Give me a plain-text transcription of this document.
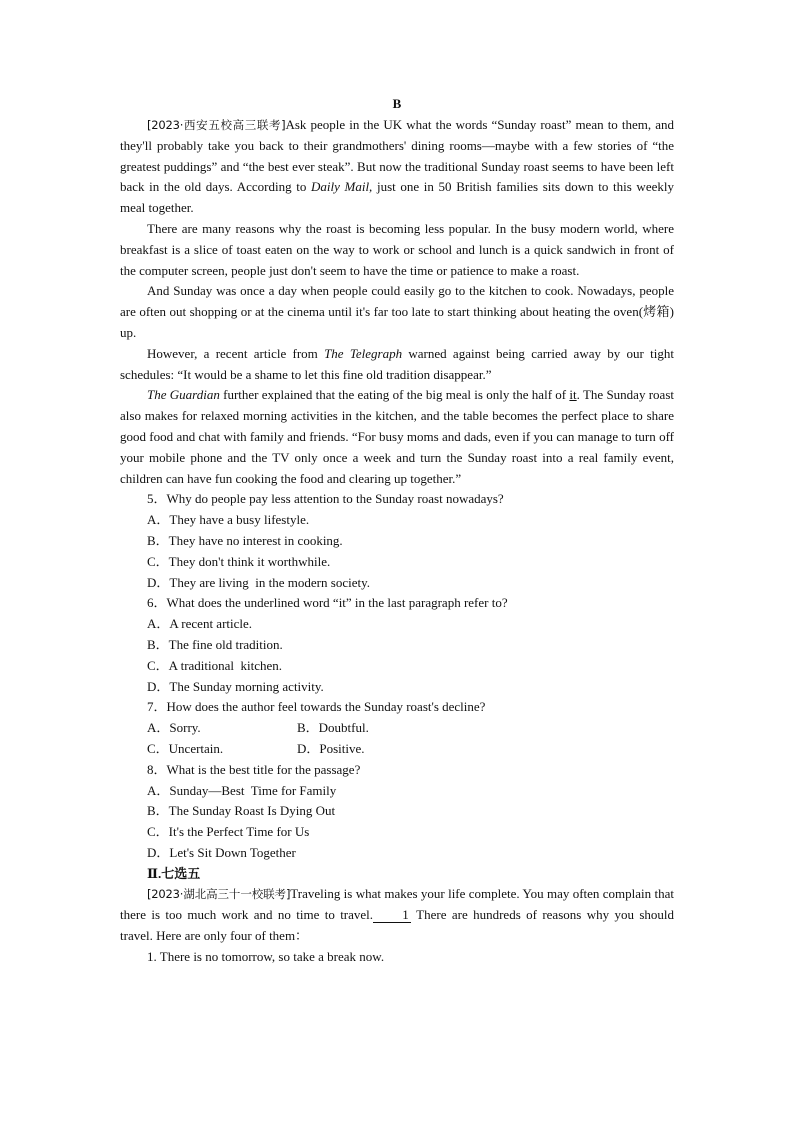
B

[2023·西安五校高三联考]Ask people in the UK what the words “Sunday roast” mean to them, and they'll probably take you back to their grandmothers' dining rooms—maybe with a few stories of “the greatest puddings” and “the best ever steak”. But now the traditional Sunday roast seems to have been left back in the old days. According to Daily Mail, just one in 50 British families sits down to this weekly meal together.

There are many reasons why the roast is becoming less popular. In the busy modern world, where breakfast is a slice of toast eaten on the way to work or school and lunch is a quick sandwich in front of the computer screen, people just don't seem to have the time or patience to make a roast.

And Sunday was once a day when people could easily go to the kitchen to cook. Nowadays, people are often out shopping or at the cinema until it's far too late to start thinking about heating the oven(烤箱) up.

However, a recent article from The Telegraph warned against being carried away by our tight schedules: “It would be a shame to let this fine old tradition disappear.”

The Guardian further explained that the eating of the big meal is only the half of it. The Sunday roast also makes for relaxed morning activities in the kitchen, and the table becomes the perfect place to share good food and chat with family and friends. “For busy moms and dads, even if you can manage to turn off your mobile phone and the TV only once a week and turn the Sunday roast into a real family event, children can have fun cooking the food and clearing up together.”

5．Why do people pay less attention to the Sunday roast nowadays?

A．They have a busy lifestyle.

B．They have no interest in cooking.

C．They don't think it worthwhile.

D．They are living  in the modern society.

6．What does the underlined word “it” in the last paragraph refer to?

A．A recent article.

B．The fine old tradition.

C．A traditional  kitchen.

D．The Sunday morning activity.

7．How does the author feel towards the Sunday roast's decline?

A．Sorry.	B．Doubtful.
C．Uncertain.	D．Positive.

8．What is the best title for the passage?

A．Sunday—Best  Time for Family

B．The Sunday Roast Is Dying Out

C．It's the Perfect Time for Us

D．Let's Sit Down Together

Ⅱ.七选五

[2023·湖北高三十一校联考]Traveling is what makes your life complete. You may often complain that there is too much work and no time to travel. 1 There are hundreds of reasons why you should travel. Here are only four of them：

1. There is no tomorrow, so take a break now.
